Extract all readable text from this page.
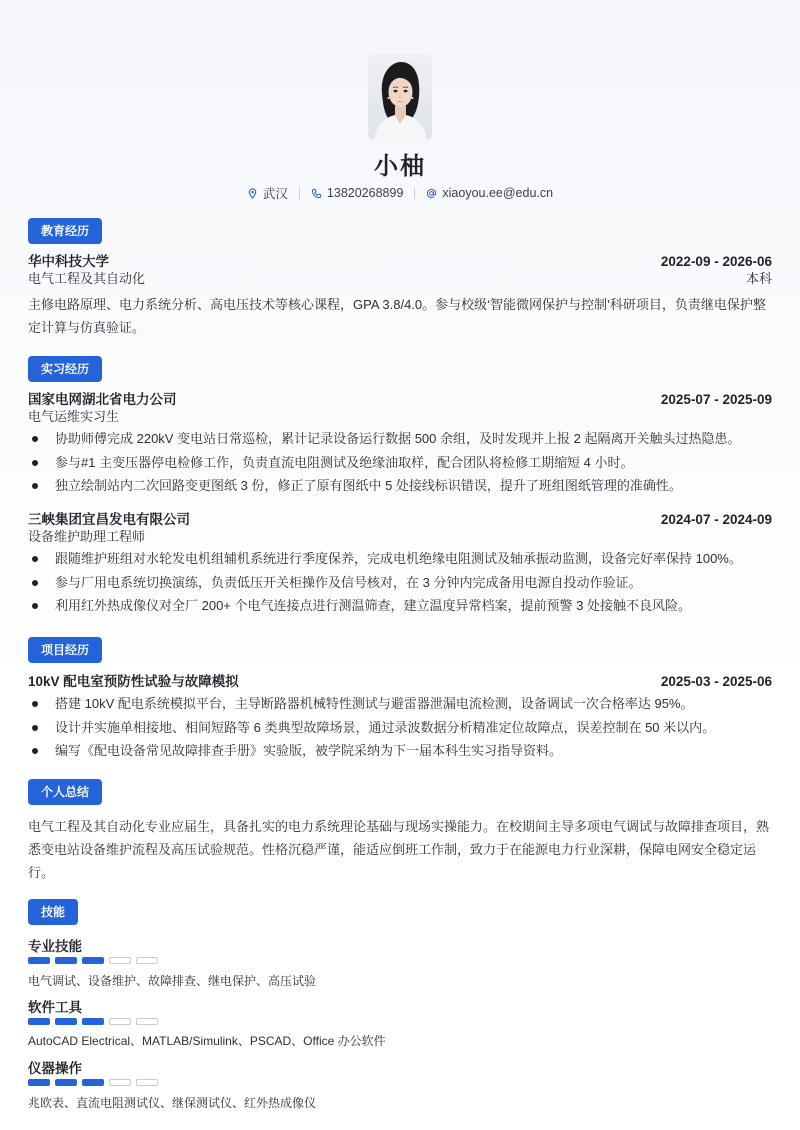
小柚
武汉	13820268899	xiaoyou.ee@edu.cn
教育经历
华中科技大学	2022-09 - 2026-06
电气工程及其自动化	本科
主修电路原理、电力系统分析、高电压技术等核心课程，GPA 3.8/4.0。参与校级‘智能微网保护与控制’科研项目，负责继电保护整定计算与仿真验证。
实习经历
国家电网湖北省电力公司	2025-07 - 2025-09
电气运维实习生
协助师傅完成 220kV 变电站日常巡检，累计记录设备运行数据 500 余组，及时发现并上报 2 起隔离开关触头过热隐患。
参与#1 主变压器停电检修工作，负责直流电阻测试及绝缘油取样，配合团队将检修工期缩短 4 小时。
独立绘制站内二次回路变更图纸 3 份，修正了原有图纸中 5 处接线标识错误，提升了班组图纸管理的准确性。
三峡集团宜昌发电有限公司	2024-07 - 2024-09
设备维护助理工程师
跟随维护班组对水轮发电机组辅机系统进行季度保养，完成电机绝缘电阻测试及轴承振动监测，设备完好率保持 100%。
参与厂用电系统切换演练，负责低压开关柜操作及信号核对，在 3 分钟内完成备用电源自投动作验证。
利用红外热成像仪对全厂 200+ 个电气连接点进行测温筛查，建立温度异常档案，提前预警 3 处接触不良风险。
项目经历
10kV 配电室预防性试验与故障模拟	2025-03 - 2025-06
搭建 10kV 配电系统模拟平台，主导断路器机械特性测试与避雷器泄漏电流检测，设备调试一次合格率达 95%。
设计并实施单相接地、相间短路等 6 类典型故障场景，通过录波数据分析精准定位故障点，误差控制在 50 米以内。
编写《配电设备常见故障排查手册》实验版，被学院采纳为下一届本科生实习指导资料。
个人总结
电气工程及其自动化专业应届生，具备扎实的电力系统理论基础与现场实操能力。在校期间主导多项电气调试与故障排查项目，熟悉变电站设备维护流程及高压试验规范。性格沉稳严谨，能适应倒班工作制，致力于在能源电力行业深耕，保障电网安全稳定运行。
技能
专业技能
电气调试、设备维护、故障排查、继电保护、高压试验
软件工具
AutoCAD Electrical、MATLAB/Simulink、PSCAD、Office 办公软件
仪器操作
兆欧表、直流电阻测试仪、继保测试仪、红外热成像仪
